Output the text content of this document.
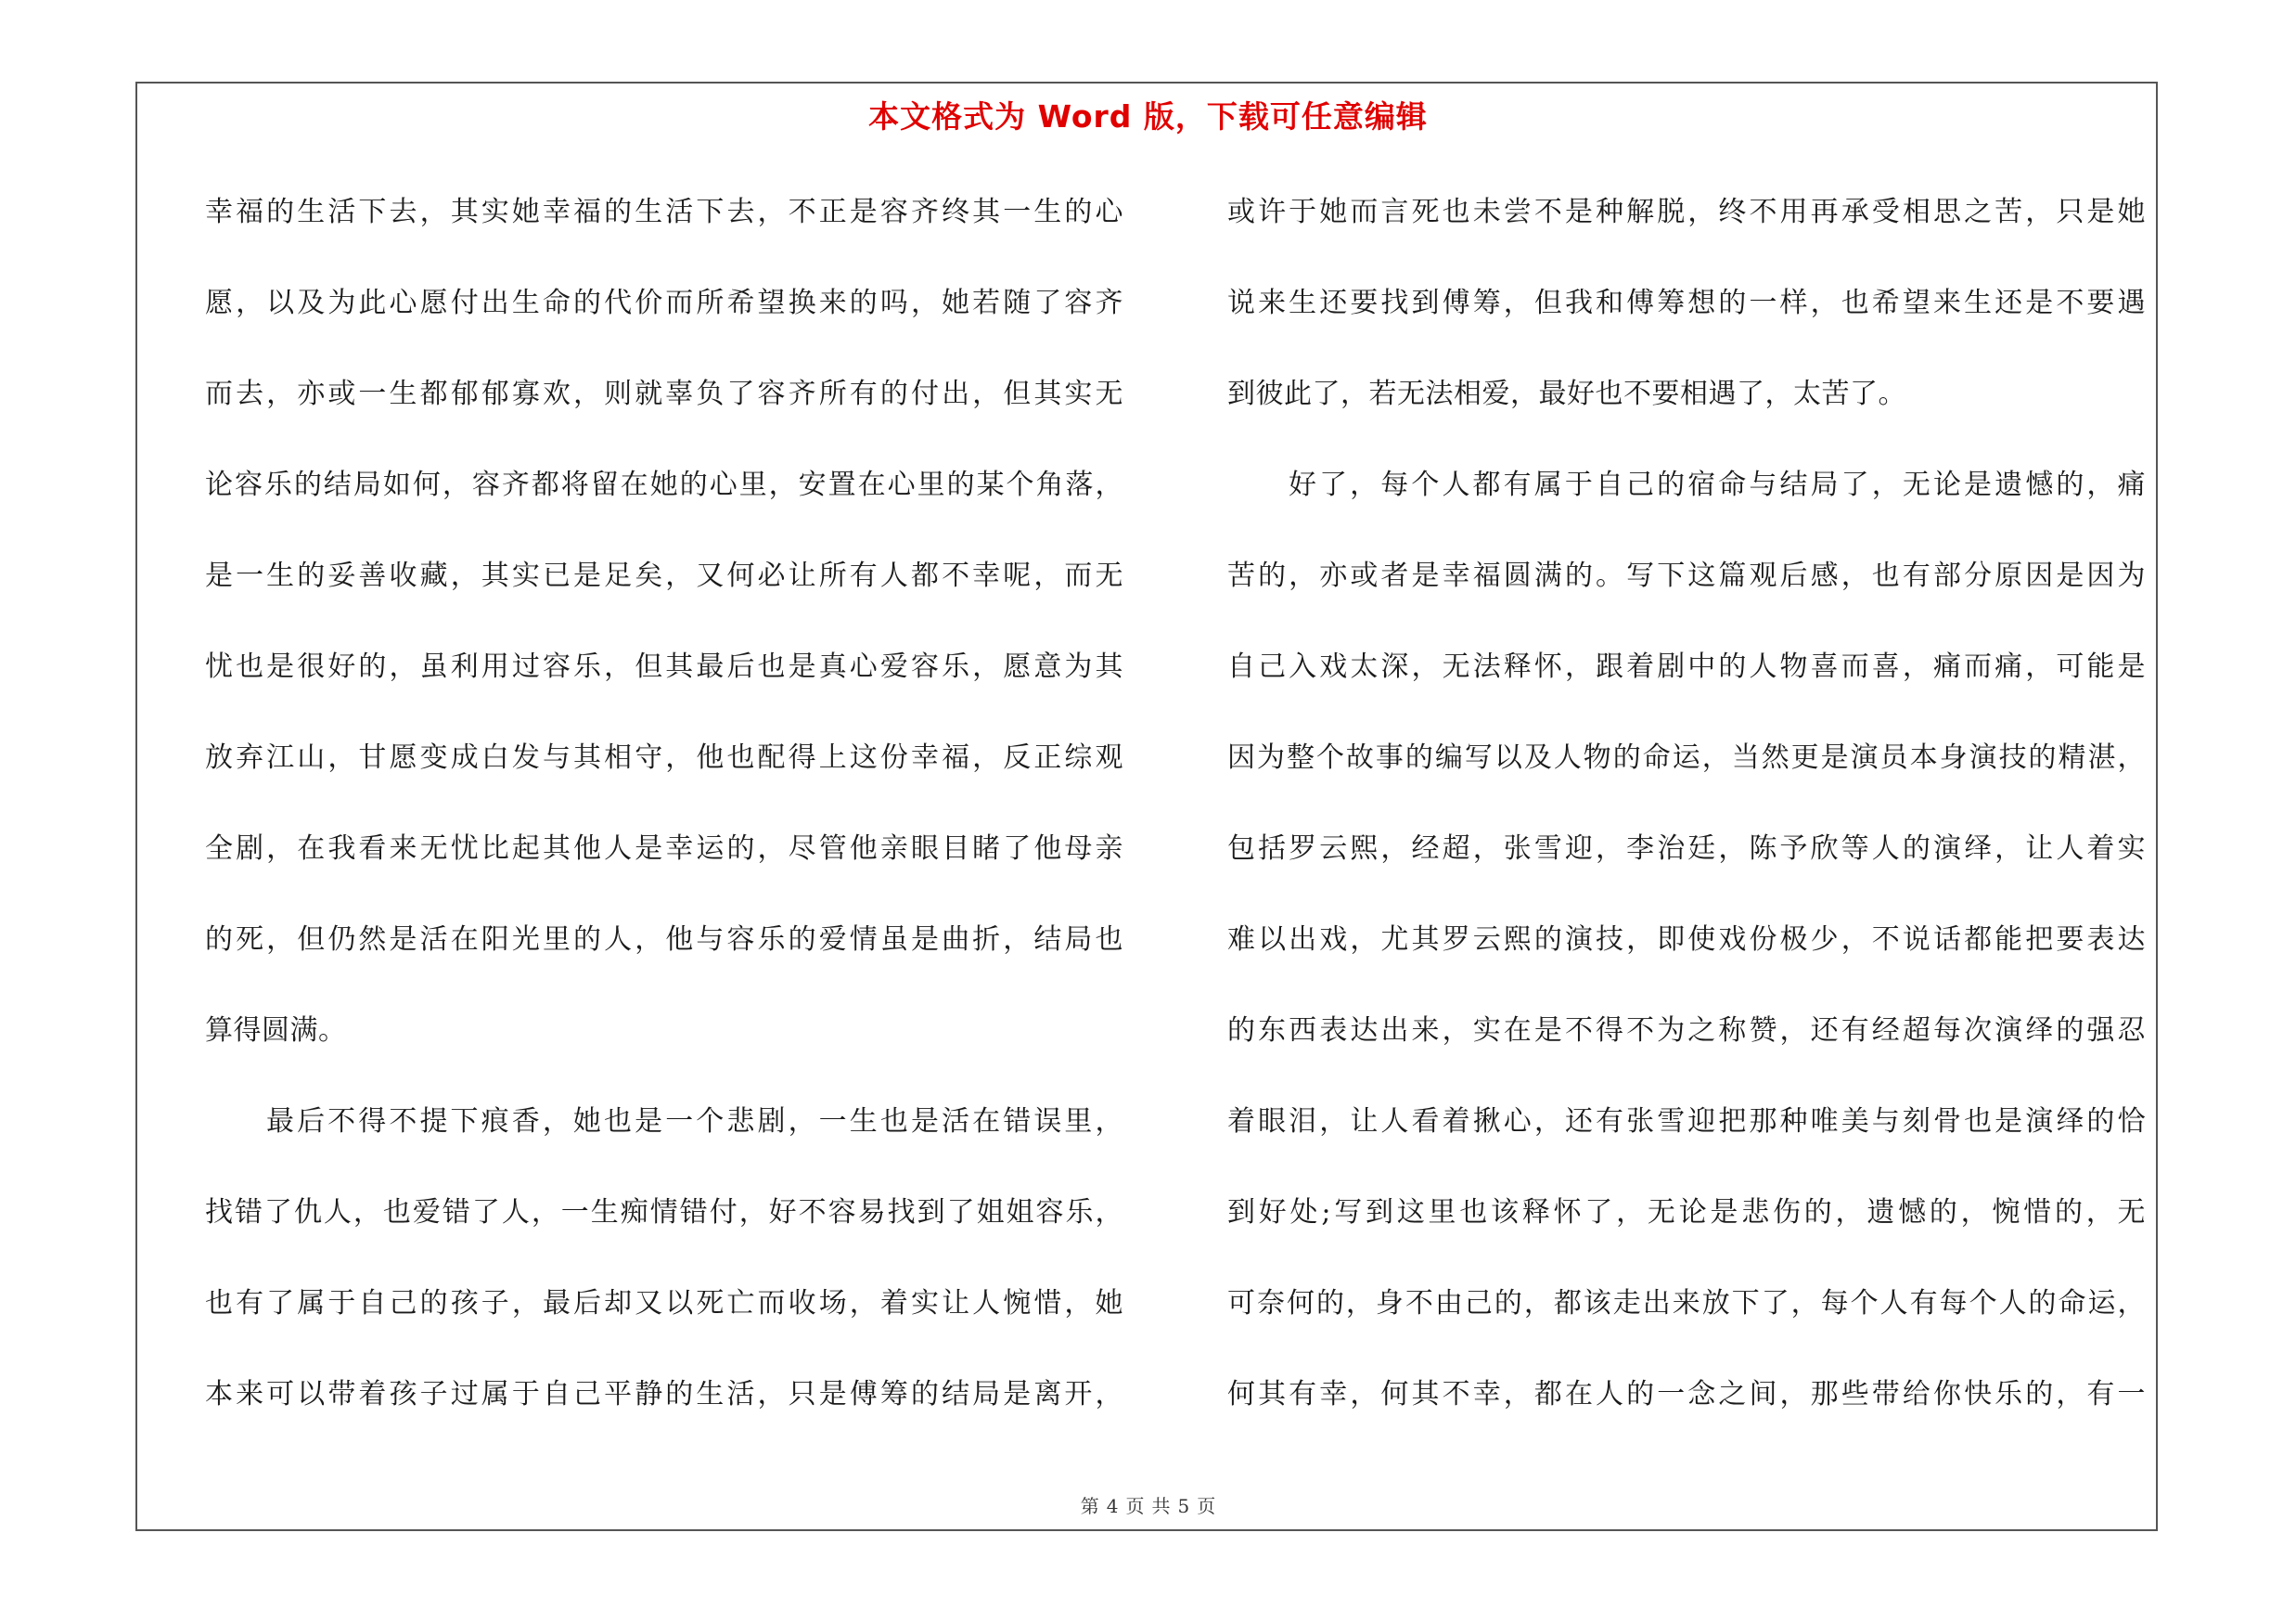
本文格式为 Word 版，下载可任意编辑
幸福的生活下去，其实她幸福的生活下去，不正是容齐终其一生的心
愿，以及为此心愿付出生命的代价而所希望换来的吗，她若随了容齐
而去，亦或一生都郁郁寡欢，则就辜负了容齐所有的付出，但其实无
论容乐的结局如何，容齐都将留在她的心里，安置在心里的某个角落，
是一生的妥善收藏，其实已是足矣，又何必让所有人都不幸呢，而无
忧也是很好的，虽利用过容乐，但其最后也是真心爱容乐，愿意为其
放弃江山，甘愿变成白发与其相守，他也配得上这份幸福，反正综观
全剧，在我看来无忧比起其他人是幸运的，尽管他亲眼目睹了他母亲
的死，但仍然是活在阳光里的人，他与容乐的爱情虽是曲折，结局也
算得圆满。
最后不得不提下痕香，她也是一个悲剧，一生也是活在错误里，
找错了仇人，也爱错了人，一生痴情错付，好不容易找到了姐姐容乐，
也有了属于自己的孩子，最后却又以死亡而收场，着实让人惋惜，她
本来可以带着孩子过属于自己平静的生活，只是傅筹的结局是离开，
或许于她而言死也未尝不是种解脱，终不用再承受相思之苦，只是她
说来生还要找到傅筹，但我和傅筹想的一样，也希望来生还是不要遇
到彼此了，若无法相爱，最好也不要相遇了，太苦了。
好了，每个人都有属于自己的宿命与结局了，无论是遗憾的，痛
苦的，亦或者是幸福圆满的。写下这篇观后感，也有部分原因是因为
自己入戏太深，无法释怀，跟着剧中的人物喜而喜，痛而痛，可能是
因为整个故事的编写以及人物的命运，当然更是演员本身演技的精湛，
包括罗云熙，经超，张雪迎，李治廷，陈予欣等人的演绎，让人着实
难以出戏，尤其罗云熙的演技，即使戏份极少，不说话都能把要表达
的东西表达出来，实在是不得不为之称赞，还有经超每次演绎的强忍
着眼泪，让人看着揪心，还有张雪迎把那种唯美与刻骨也是演绎的恰
到好处;写到这里也该释怀了，无论是悲伤的，遗憾的，惋惜的，无
可奈何的，身不由己的，都该走出来放下了，每个人有每个人的命运，
何其有幸，何其不幸，都在人的一念之间，那些带给你快乐的，有一
第 4 页 共 5 页
